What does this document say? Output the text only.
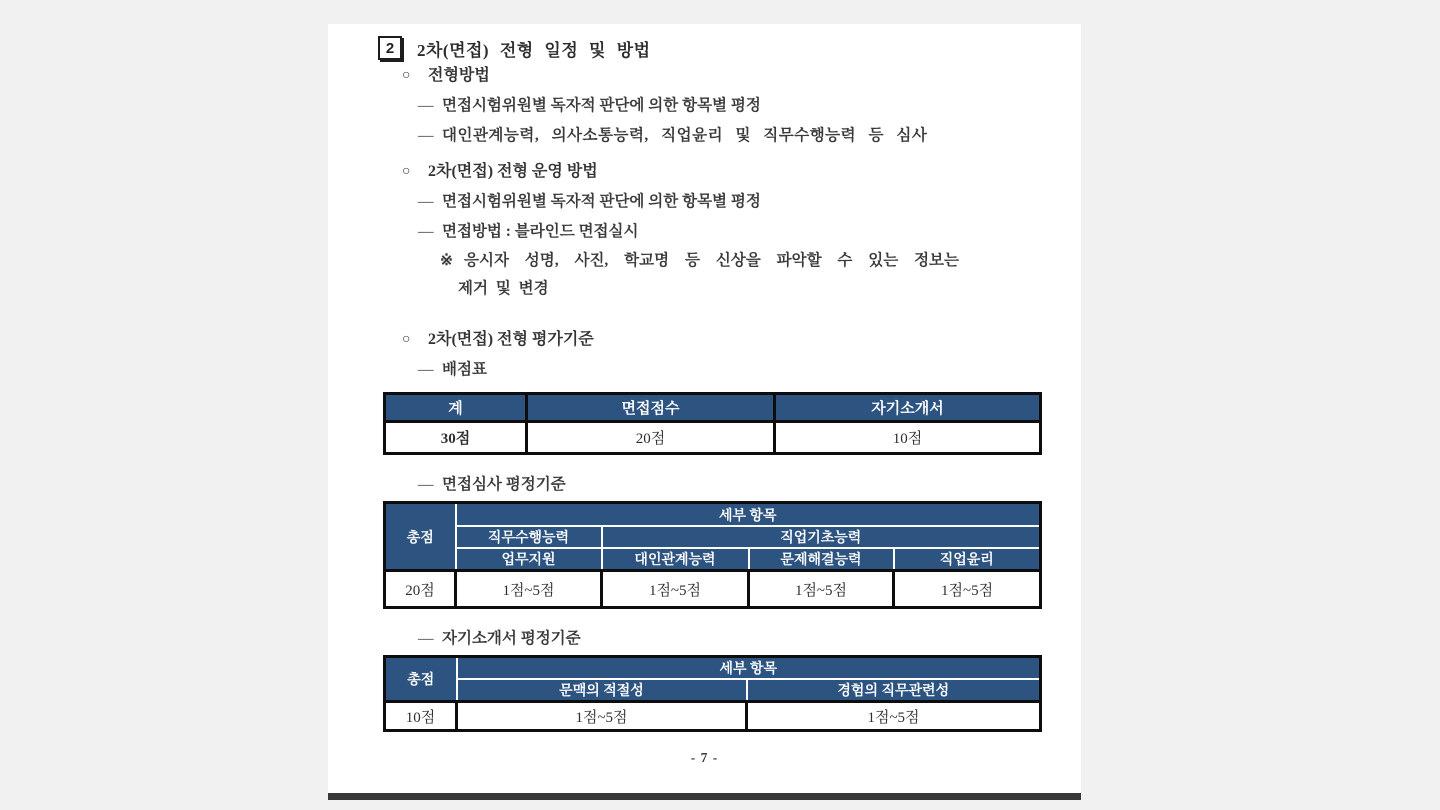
2	2차(면접) 전형 일정 및 방법
○	전형방법
― 면접시험위원별 독자적 판단에 의한 항목별 평정
― 대인관계능력, 의사소통능력, 직업윤리 및 직무수행능력 등 심사
○	2차(면접) 전형 운영 방법
― 면접시험위원별 독자적 판단에 의한 항목별 평정
― 면접방법 : 블라인드 면접실시
※ 응시자 성명, 사진, 학교명 등 신상을 파악할 수 있는 정보는
제거 및 변경
○	2차(면접) 전형 평가기준
― 배점표
계	면접점수	자기소개서
30점	20점	10점
― 면접심사 평정기준
총점	세부 항목			
	직무수행능력	직업기초능력		
	업무지원	대인관계능력	문제해결능력	직업윤리
20점	1점~5점	1점~5점	1점~5점	1점~5점
― 자기소개서 평정기준
총점	세부 항목	
	문맥의 적절성	경험의 직무관련성
10점	1점~5점	1점~5점
- 7 -
